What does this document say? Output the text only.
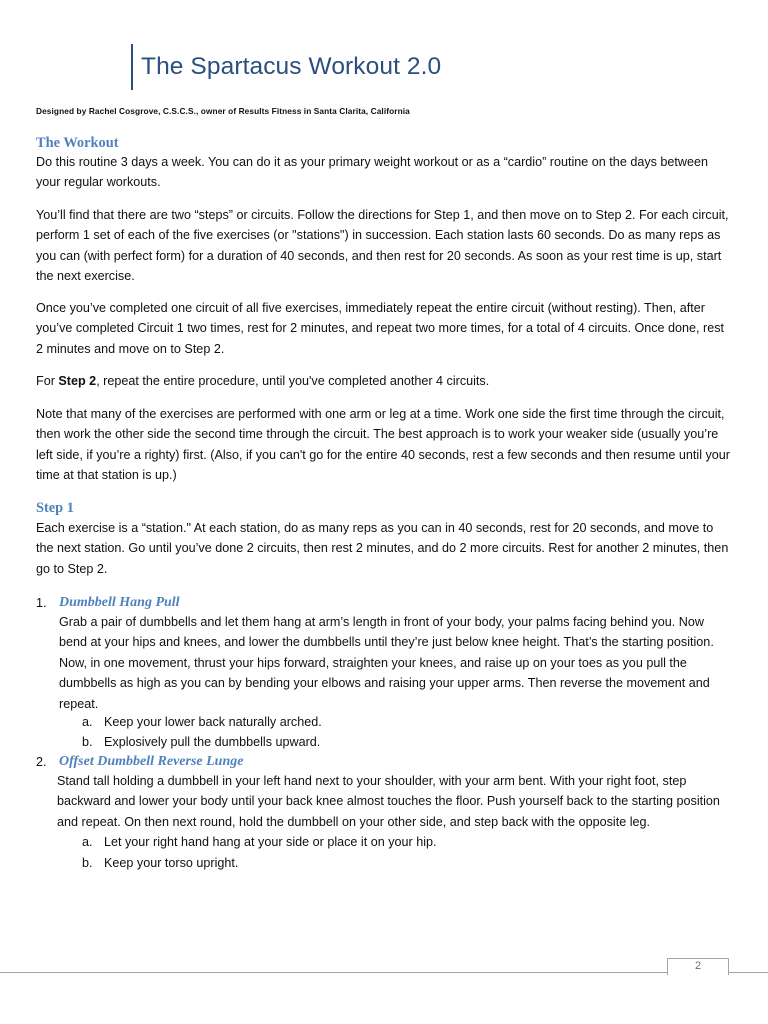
The Spartacus Workout 2.0
Designed by Rachel Cosgrove, C.S.C.S., owner of Results Fitness in Santa Clarita, California
The Workout

Do this routine 3 days a week. You can do it as your primary weight workout or as a “cardio” routine on the days between your regular workouts.

You’ll find that there are two “steps” or circuits. Follow the directions for Step 1, and then move on to Step 2. For each circuit, perform 1 set of each of the five exercises (or "stations") in succession. Each station lasts 60 seconds. Do as many reps as you can (with perfect form) for a duration of 40 seconds, and then rest for 20 seconds. As soon as your rest time is up, start the next exercise.

Once you’ve completed one circuit of all five exercises, immediately repeat the entire circuit (without resting). Then, after you’ve completed Circuit 1 two times, rest for 2 minutes, and repeat two more times, for a total of 4 circuits. Once done, rest 2 minutes and move on to Step 2.

For Step 2, repeat the entire procedure, until you've completed another 4 circuits.

Note that many of the exercises are performed with one arm or leg at a time. Work one side the first time through the circuit, then work the other side the second time through the circuit. The best approach is to work your weaker side (usually you’re left side, if you’re a righty) first. (Also, if you can't go for the entire 40 seconds, rest a few seconds and then resume until your time at that station is up.)

Step 1

Each exercise is a “station." At each station, do as many reps as you can in 40 seconds, rest for 20 seconds, and move to the next station. Go until you’ve done 2 circuits, then rest 2 minutes, and do 2 more circuits. Rest for another 2 minutes, then go to Step 2.

1. Dumbbell Hang Pull

Grab a pair of dumbbells and let them hang at arm’s length in front of your body, your palms facing behind you. Now bend at your hips and knees, and lower the dumbbells until they’re just below knee height. That’s the starting position. Now, in one movement, thrust your hips forward, straighten your knees, and raise up on your toes as you pull the dumbbells as high as you can by bending your elbows and raising your upper arms. Then reverse the movement and repeat.

a. Keep your lower back naturally arched.
b. Explosively pull the dumbbells upward.
2. Offset Dumbbell Reverse Lunge

Stand tall holding a dumbbell in your left hand next to your shoulder, with your arm bent. With your right foot, step backward and lower your body until your back knee almost touches the floor. Push yourself back to the starting position and repeat. On then next round, hold the dumbbell on your other side, and step back with the opposite leg.

a. Let your right hand hang at your side or place it on your hip.
b. Keep your torso upright.
2
